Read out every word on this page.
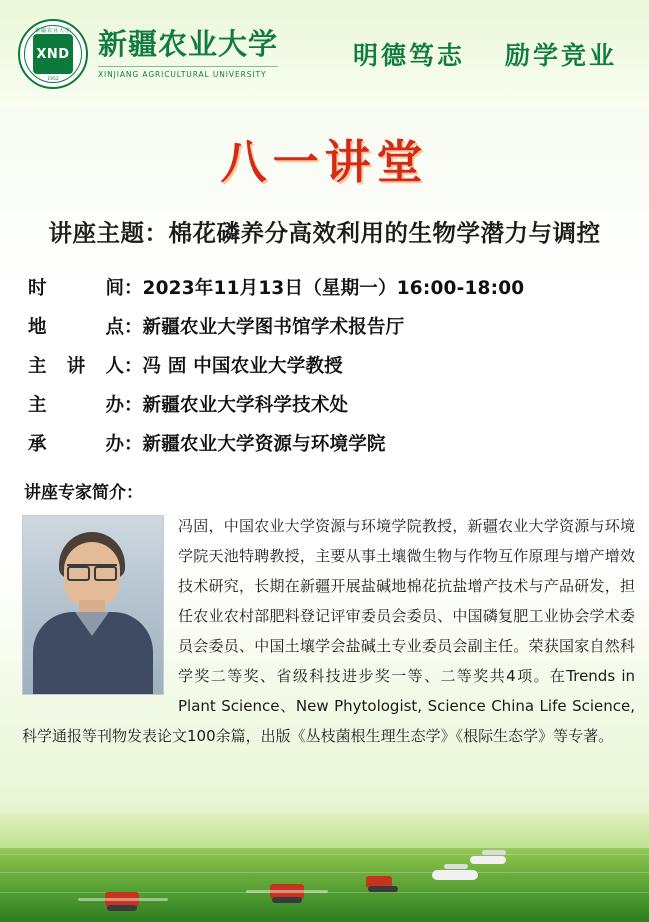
新疆农业大学
XND
1952
新疆农业大学
XINJIANG AGRICULTURAL UNIVERSITY
明德笃志 励学竞业
八一讲堂
讲座主题：棉花磷养分高效利用的生物学潜力与调控
时	间 ： 2023年11月13日（星期一）16:00-18:00
地	点 ： 新疆农业大学图书馆学术报告厅
主 讲 人 ： 冯 固 中国农业大学教授
主	办 ： 新疆农业大学科学技术处
承	办 ： 新疆农业大学资源与环境学院
讲座专家简介：
冯固，中国农业大学资源与环境学院教授，新疆农业大学资源与环境学院天池特聘教授，主要从事土壤微生物与作物互作原理与增产增效技术研究，长期在新疆开展盐碱地棉花抗盐增产技术与产品研发，担任农业农村部肥料登记评审委员会委员、中国磷复肥工业协会学术委员会委员、中国土壤学会盐碱土专业委员会副主任。荣获国家自然科学奖二等奖、省级科技进步奖一等、二等奖共4项。在Trends in Plant Science、New Phytologist, Science China Life Science,科学通报等刊物发表论文100余篇，出版《丛枝菌根生理生态学》《根际生态学》等专著。
